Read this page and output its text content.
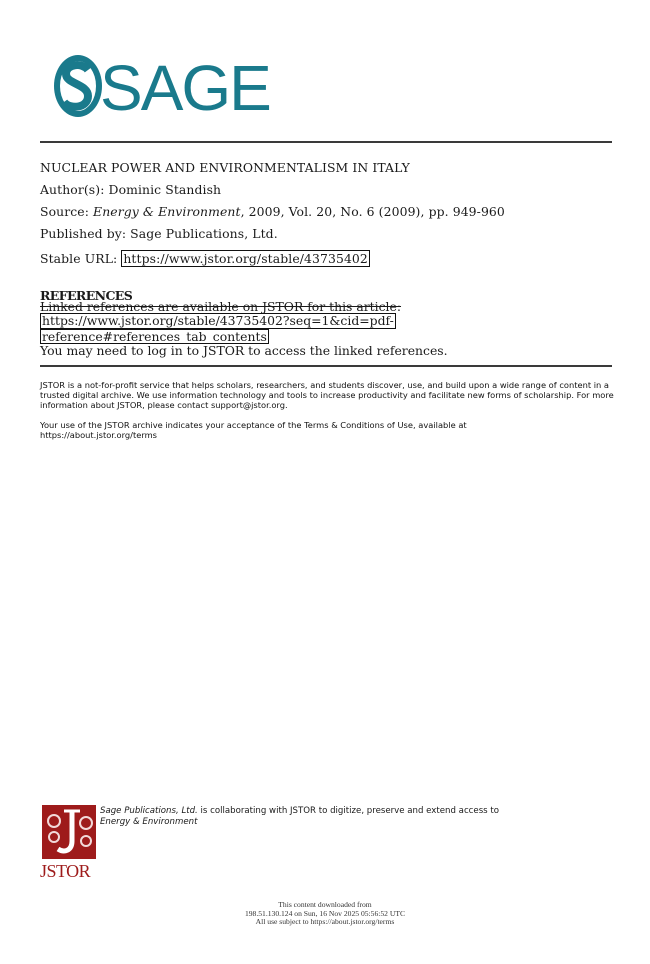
SAGE
NUCLEAR POWER AND ENVIRONMENTALISM IN ITALY
Author(s): Dominic Standish
Source: Energy & Environment, 2009, Vol. 20, No. 6 (2009), pp. 949-960
Published by: Sage Publications, Ltd.
Stable URL: https://www.jstor.org/stable/43735402
REFERENCES
Linked references are available on JSTOR for this article:
https://www.jstor.org/stable/43735402?seq=1&cid=pdf-
reference#references_tab_contents
You may need to log in to JSTOR to access the linked references.
JSTOR is a not-for-profit service that helps scholars, researchers, and students discover, use, and build upon a wide range of content in a trusted digital archive. We use information technology and tools to increase productivity and facilitate new forms of scholarship. For more information about JSTOR, please contact support@jstor.org.
Your use of the JSTOR archive indicates your acceptance of the Terms & Conditions of Use, available at https://about.jstor.org/terms
JSTOR
Sage Publications, Ltd. is collaborating with JSTOR to digitize, preserve and extend access to
Energy & Environment
This content downloaded from
198.51.130.124 on Sun, 16 Nov 2025 05:56:52 UTC
All use subject to https://about.jstor.org/terms
